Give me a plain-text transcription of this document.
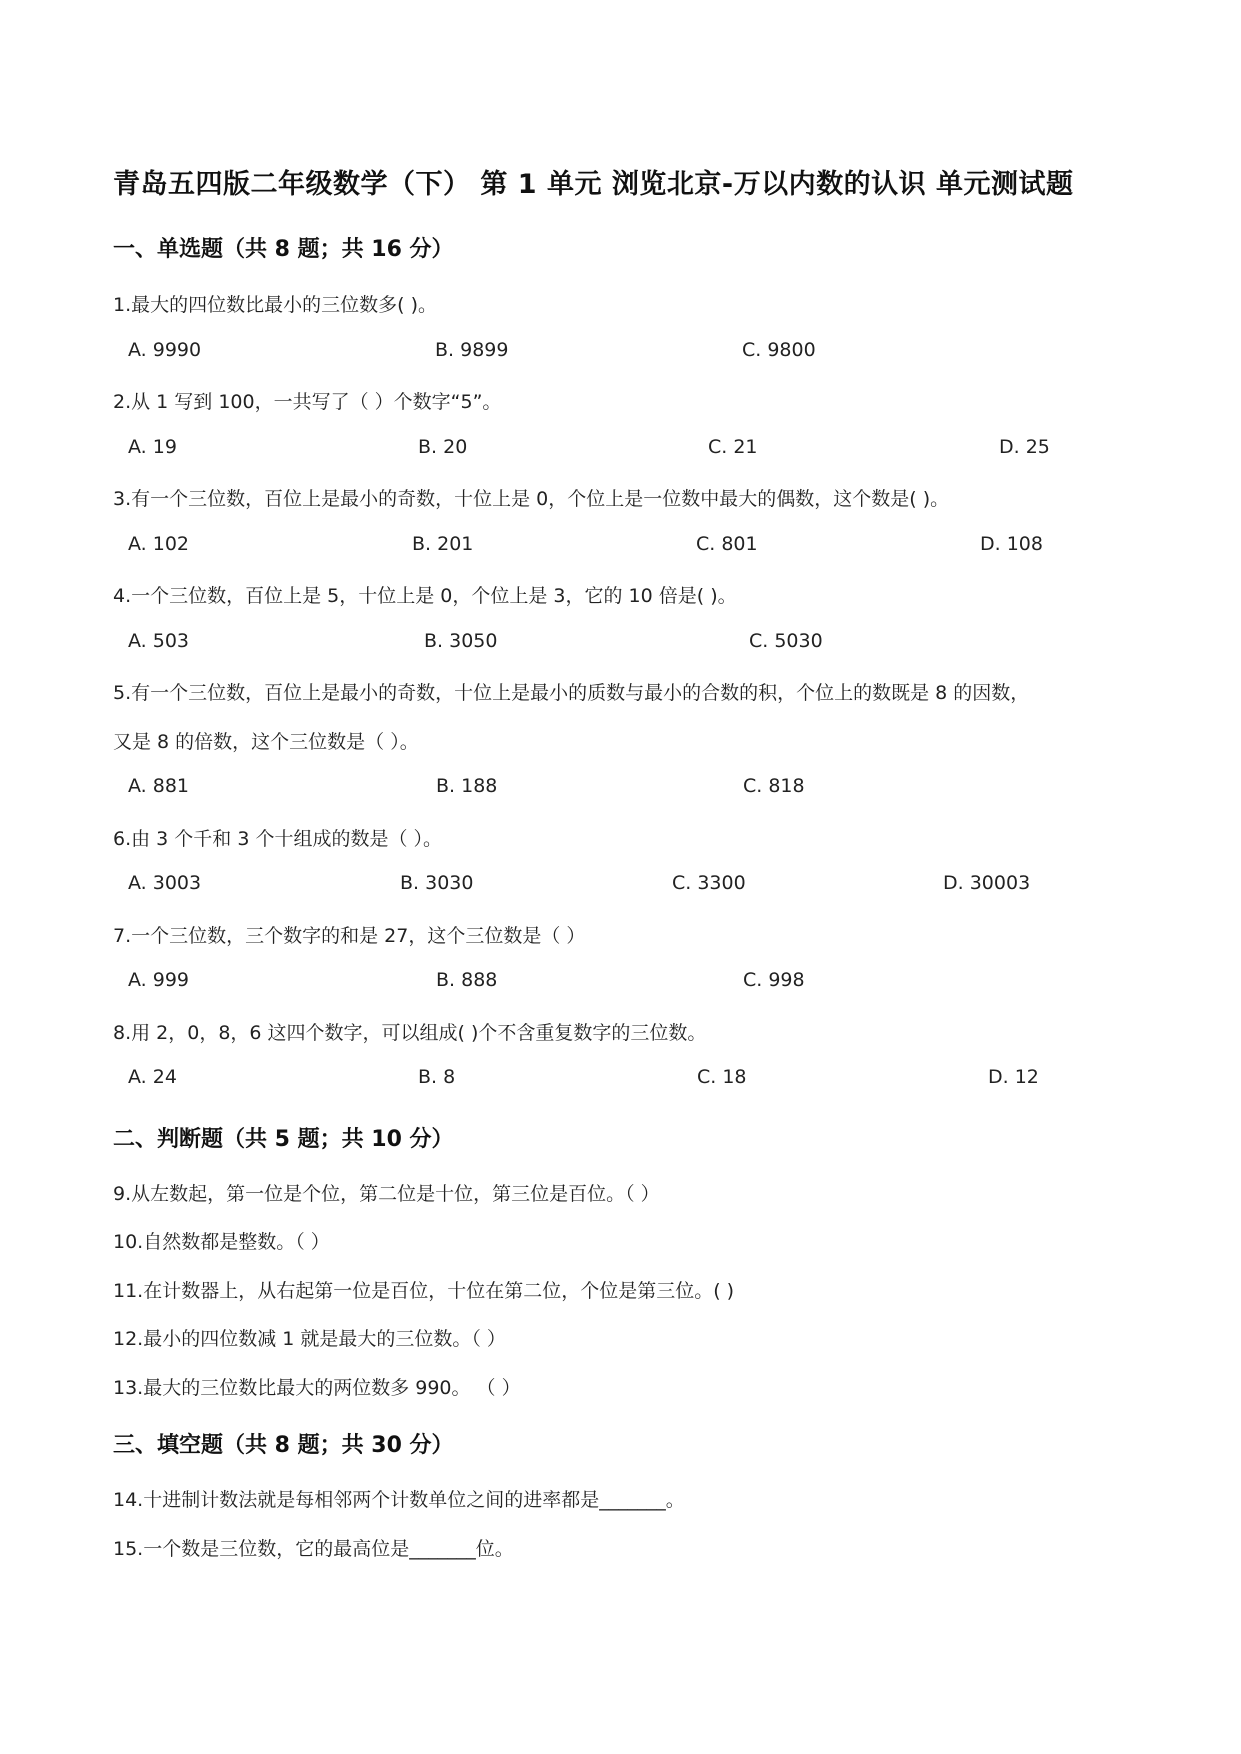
青岛五四版二年级数学（下） 第 1 单元 浏览北京-万以内数的认识 单元测试题
一、单选题（共 8 题；共 16 分）
1.最大的四位数比最小的三位数多( )。
A. 9990	B. 9899	C. 9800
2.从 1 写到 100，一共写了（ ）个数字“5”。
A. 19	B. 20	C. 21	D. 25
3.有一个三位数，百位上是最小的奇数，十位上是 0，个位上是一位数中最大的偶数，这个数是( )。
A. 102	B. 201	C. 801	D. 108
4.一个三位数，百位上是 5，十位上是 0，个位上是 3，它的 10 倍是( )。
A. 503	B. 3050	C. 5030
5.有一个三位数，百位上是最小的奇数，十位上是最小的质数与最小的合数的积，个位上的数既是 8 的因数，
又是 8 的倍数，这个三位数是（ ）。
A. 881	B. 188	C. 818
6.由 3 个千和 3 个十组成的数是（ ）。
A. 3003	B. 3030	C. 3300	D. 30003
7.一个三位数，三个数字的和是 27，这个三位数是（ ）
A. 999	B. 888	C. 998
8.用 2，0，8，6 这四个数字，可以组成( )个不含重复数字的三位数。
A. 24	B. 8	C. 18	D. 12
二、判断题（共 5 题；共 10 分）
9.从左数起，第一位是个位，第二位是十位，第三位是百位。（ ）
10.自然数都是整数。（ ）
11.在计数器上，从右起第一位是百位，十位在第二位，个位是第三位。( )
12.最小的四位数减 1 就是最大的三位数。（ ）
13.最大的三位数比最大的两位数多 990。 （ ）
三、填空题（共 8 题；共 30 分）
14.十进制计数法就是每相邻两个计数单位之间的进率都是_______。
15.一个数是三位数，它的最高位是_______位。
